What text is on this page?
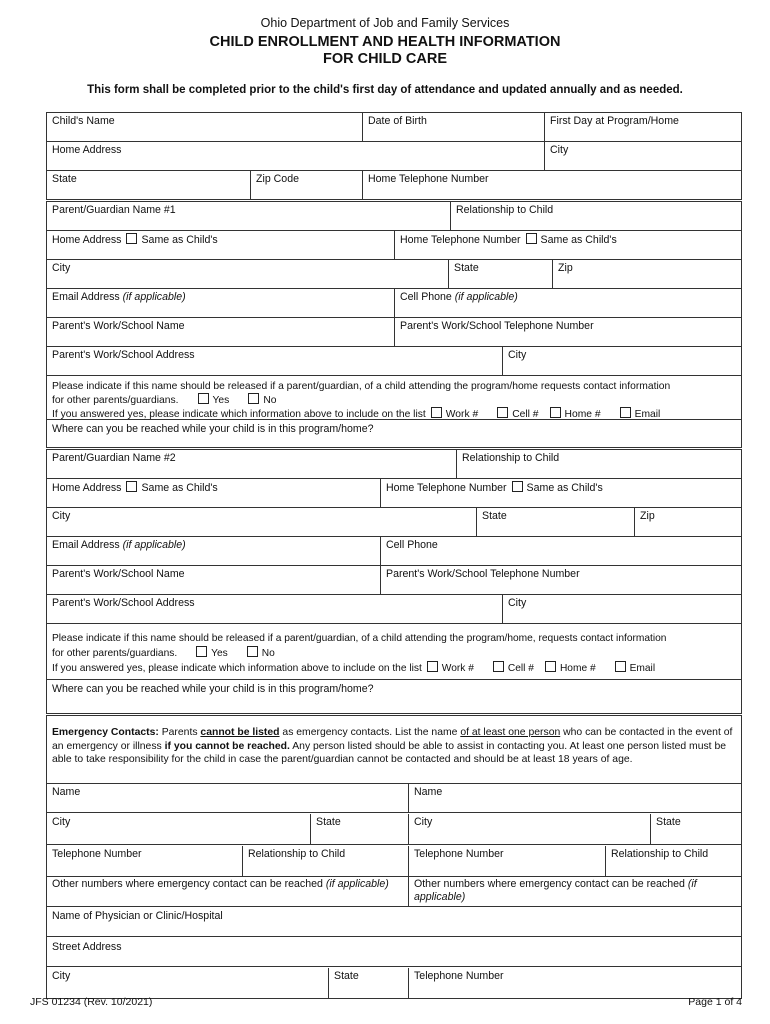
Ohio Department of Job and Family Services
CHILD ENROLLMENT AND HEALTH INFORMATION
FOR CHILD CARE
This form shall be completed prior to the child's first day of attendance and updated annually and as needed.
Child's Name	Date of Birth	First Day at Program/Home
Home Address	City
State	Zip Code	Home Telephone Number
Parent/Guardian Name #1	Relationship to Child
Home Address Same as Child's	Home Telephone Number Same as Child's
City	State	Zip
Email Address (if applicable)	Cell Phone (if applicable)
Parent's Work/School Name	Parent's Work/School Telephone Number
Parent's Work/School Address	City
Please indicate if this name should be released if a parent/guardian, of a child attending the program/home requests contact information
for other parents/guardians.	Yes	No
If you answered yes, please indicate which information above to include on the list Work #	Cell #	Home #	Email
Where can you be reached while your child is in this program/home?
Parent/Guardian Name #2	Relationship to Child
Home Address Same as Child's	Home Telephone Number Same as Child's
City	State	Zip
Email Address (if applicable)	Cell Phone
Parent's Work/School Name	Parent's Work/School Telephone Number
Parent's Work/School Address	City
Please indicate if this name should be released if a parent/guardian, of a child attending the program/home, requests contact information
for other parents/guardians.	Yes	No
If you answered yes, please indicate which information above to include on the list Work #	Cell #	Home #	Email
Where can you be reached while your child is in this program/home?
Emergency Contacts: Parents cannot be listed as emergency contacts. List the name of at least one person who can be contacted in the event of an emergency or illness if you cannot be reached. Any person listed should be able to assist in contacting you. At least one person listed must be able to take responsibility for the child in case the parent/guardian cannot be contacted and should be at least 18 years of age.
Name	Name
City	State	City	State
Telephone Number	Relationship to Child	Telephone Number	Relationship to Child
Other numbers where emergency contact can be reached (if applicable)	Other numbers where emergency contact can be reached (if applicable)
Name of Physician or Clinic/Hospital
Street Address
City	State	Telephone Number
JFS 01234 (Rev. 10/2021)	Page 1 of 4
